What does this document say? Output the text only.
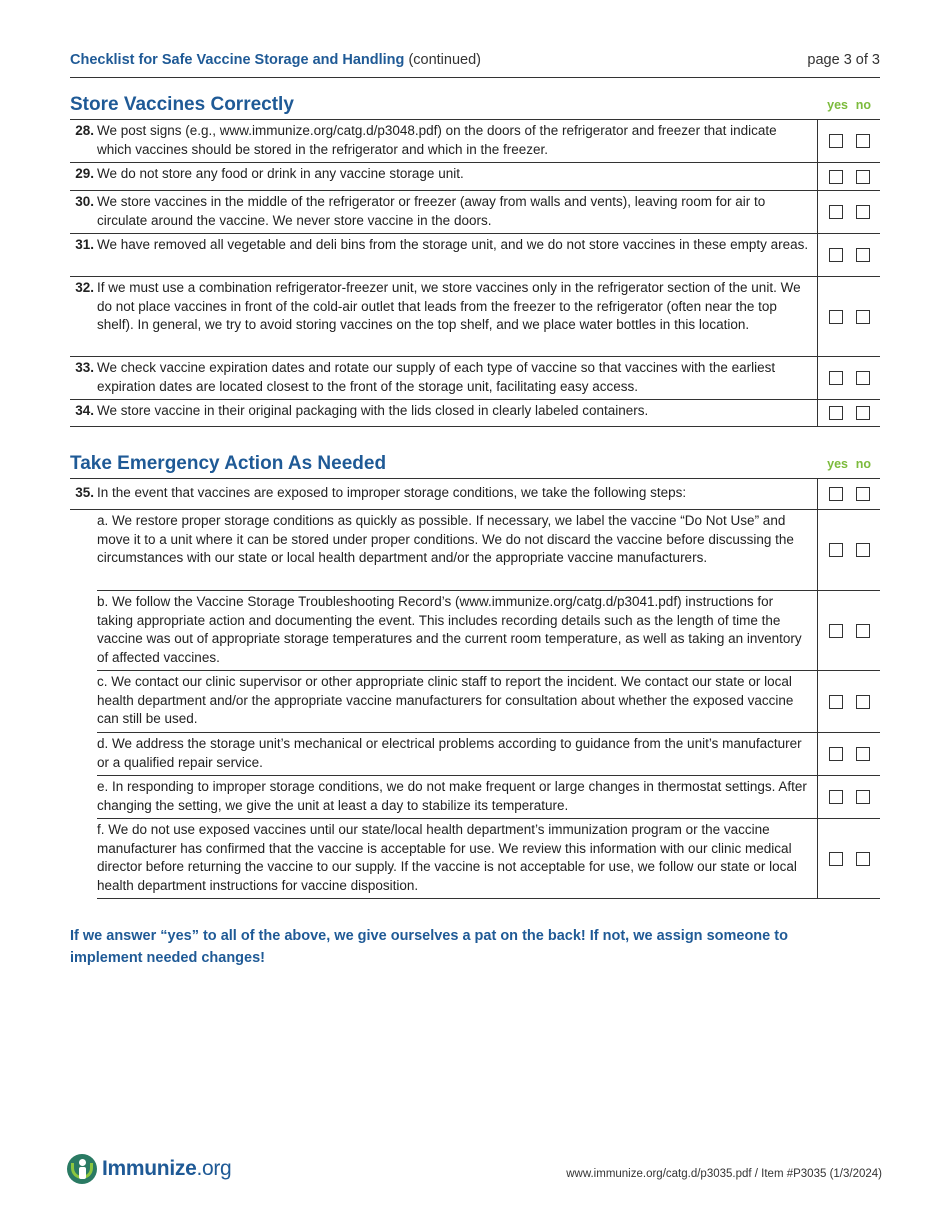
Checklist for Safe Vaccine Storage and Handling (continued)	page 3 of 3
Store Vaccines Correctly	yes no
28. We post signs (e.g., www.immunize.org/catg.d/p3048.pdf) on the doors of the refrigerator and freezer that indicate which vaccines should be stored in the refrigerator and which in the freezer.
29. We do not store any food or drink in any vaccine storage unit.
30. We store vaccines in the middle of the refrigerator or freezer (away from walls and vents), leaving room for air to circulate around the vaccine. We never store vaccine in the doors.
31. We have removed all vegetable and deli bins from the storage unit, and we do not store vaccines in these empty areas.
32. If we must use a combination refrigerator-freezer unit, we store vaccines only in the refrigerator section of the unit. We do not place vaccines in front of the cold-air outlet that leads from the freezer to the refrigerator (often near the top shelf). In general, we try to avoid storing vaccines on the top shelf, and we place water bottles in this location.
33. We check vaccine expiration dates and rotate our supply of each type of vaccine so that vaccines with the earliest expiration dates are located closest to the front of the storage unit, facilitating easy access.
34. We store vaccine in their original packaging with the lids closed in clearly labeled containers.
Take Emergency Action As Needed	yes no
35. In the event that vaccines are exposed to improper storage conditions, we take the following steps:
a. We restore proper storage conditions as quickly as possible. If necessary, we label the vaccine “Do Not Use” and move it to a unit where it can be stored under proper conditions. We do not discard the vaccine before discussing the circumstances with our state or local health department and/or the appropriate vaccine manufacturers.
b. We follow the Vaccine Storage Troubleshooting Record’s (www.immunize.org/catg.d/p3041.pdf) instructions for taking appropriate action and documenting the event. This includes recording details such as the length of time the vaccine was out of appropriate storage temperatures and the current room temperature, as well as taking an inventory of affected vaccines.
c. We contact our clinic supervisor or other appropriate clinic staff to report the incident. We contact our state or local health department and/or the appropriate vaccine manufacturers for consultation about whether the exposed vaccine can still be used.
d. We address the storage unit’s mechanical or electrical problems according to guidance from the unit’s manufacturer or a qualified repair service.
e. In responding to improper storage conditions, we do not make frequent or large changes in thermostat settings. After changing the setting, we give the unit at least a day to stabilize its temperature.
f. We do not use exposed vaccines until our state/local health department’s immunization program or the vaccine manufacturer has confirmed that the vaccine is acceptable for use. We review this information with our clinic medical director before returning the vaccine to our supply. If the vaccine is not acceptable for use, we follow our state or local health department instructions for vaccine disposition.
If we answer “yes” to all of the above, we give ourselves a pat on the back! If not, we assign someone to implement needed changes!
Immunize.org	www.immunize.org/catg.d/p3035.pdf / Item #P3035 (1/3/2024)
